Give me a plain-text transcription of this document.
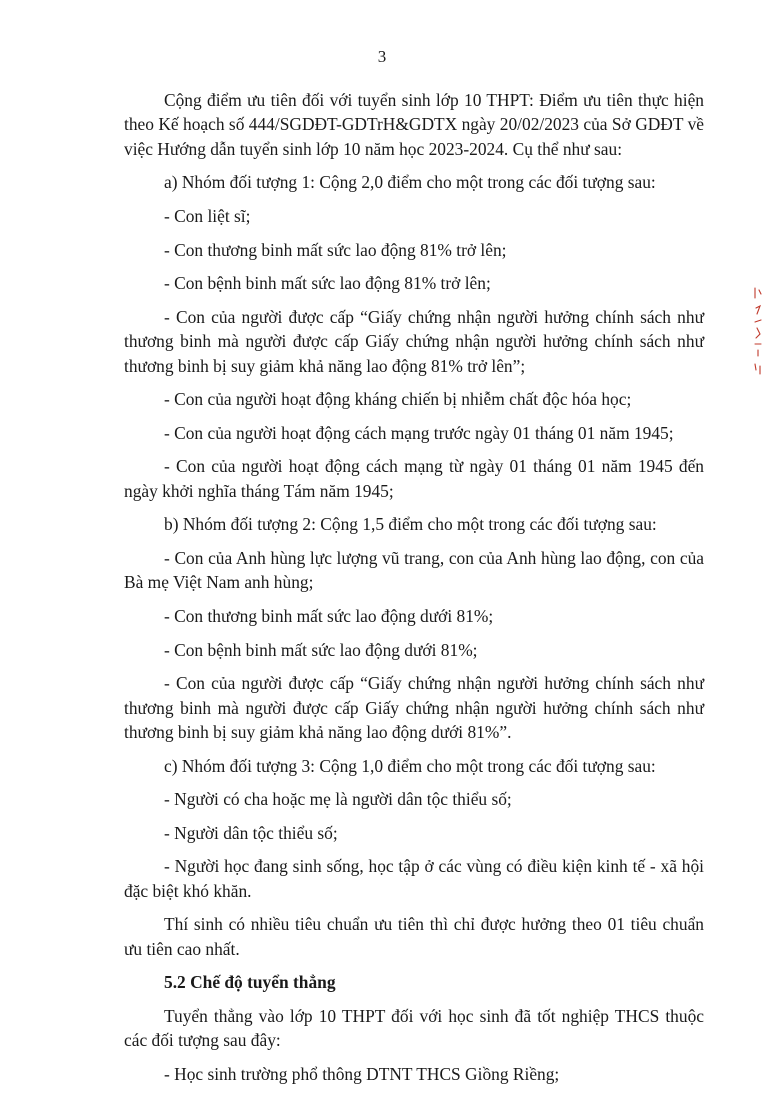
3

Cộng điểm ưu tiên đối với tuyển sinh lớp 10 THPT: Điểm ưu tiên thực hiện theo Kế hoạch số 444/SGDĐT-GDTrH&GDTX ngày 20/02/2023 của Sở GDĐT về việc Hướng dẫn tuyển sinh lớp 10 năm học 2023-2024. Cụ thể như sau:

a) Nhóm đối tượng 1: Cộng 2,0 điểm cho một trong các đối tượng sau:

- Con liệt sĩ;

- Con thương binh mất sức lao động 81% trở lên;

- Con bệnh binh mất sức lao động 81% trở lên;

- Con của người được cấp “Giấy chứng nhận người hưởng chính sách như thương binh mà người được cấp Giấy chứng nhận người hưởng chính sách như thương binh bị suy giảm khả năng lao động 81% trở lên”;

- Con của người hoạt động kháng chiến bị nhiễm chất độc hóa học;

- Con của người hoạt động cách mạng trước ngày 01 tháng 01 năm 1945;

- Con của người hoạt động cách mạng từ ngày 01 tháng 01 năm 1945 đến ngày khởi nghĩa tháng Tám năm 1945;

b) Nhóm đối tượng 2: Cộng 1,5 điểm cho một trong các đối tượng sau:

- Con của Anh hùng lực lượng vũ trang, con của Anh hùng lao động, con của Bà mẹ Việt Nam anh hùng;

- Con thương binh mất sức lao động dưới 81%;

- Con bệnh binh mất sức lao động dưới 81%;

- Con của người được cấp “Giấy chứng nhận người hưởng chính sách như thương binh mà người được cấp Giấy chứng nhận người hưởng chính sách như thương binh bị suy giảm khả năng lao động dưới 81%”.

c) Nhóm đối tượng 3: Cộng 1,0 điểm cho một trong các đối tượng sau:

- Người có cha hoặc mẹ là người dân tộc thiểu số;

- Người dân tộc thiểu số;

- Người học đang sinh sống, học tập ở các vùng có điều kiện kinh tế - xã hội đặc biệt khó khăn.

Thí sinh có nhiều tiêu chuẩn ưu tiên thì chỉ được hưởng theo 01 tiêu chuẩn ưu tiên cao nhất.

5.2 Chế độ tuyển thẳng

Tuyển thẳng vào lớp 10 THPT đối với học sinh đã tốt nghiệp THCS thuộc các đối tượng sau đây:

- Học sinh trường phổ thông DTNT THCS Giồng Riềng;
